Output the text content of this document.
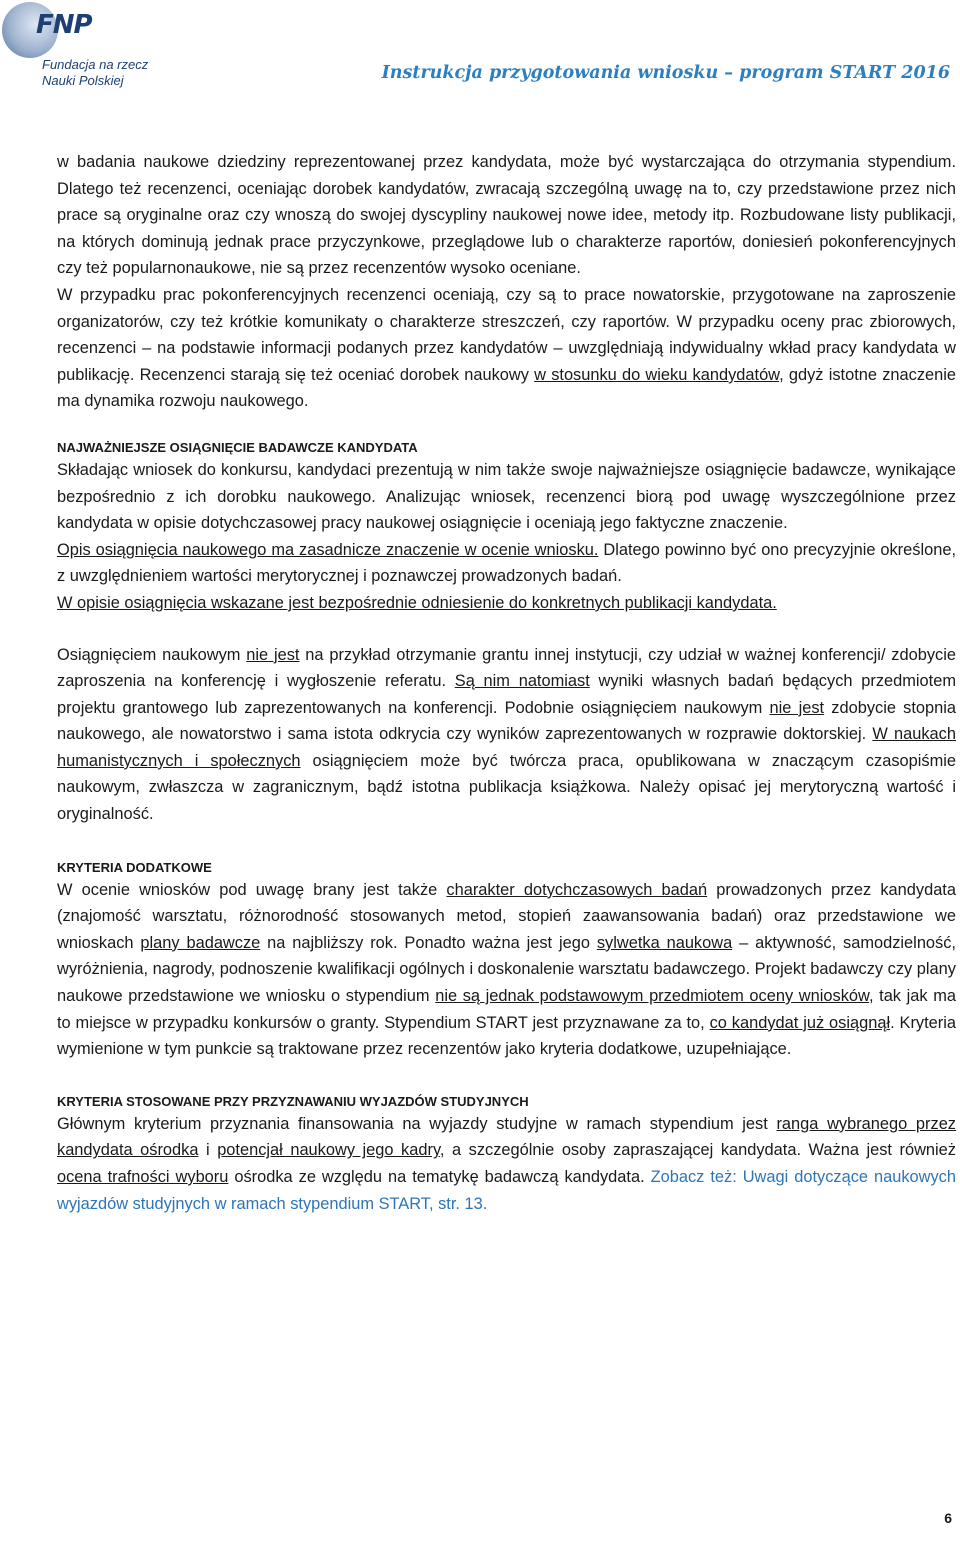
FNP
Fundacja na rzecz
Nauki Polskiej	Instrukcja przygotowania wniosku – program START 2016

w badania naukowe dziedziny reprezentowanej przez kandydata, może być wystarczająca do otrzymania stypendium. Dlatego też recenzenci, oceniając dorobek kandydatów, zwracają szczególną uwagę na to, czy przedstawione przez nich prace są oryginalne oraz czy wnoszą do swojej dyscypliny naukowej nowe idee, metody itp. Rozbudowane listy publikacji, na których dominują jednak prace przyczynkowe, przeglądowe lub o charakterze raportów, doniesień pokonferencyjnych czy też popularnonaukowe, nie są przez recenzentów wysoko oceniane.

W przypadku prac pokonferencyjnych recenzenci oceniają, czy są to prace nowatorskie, przygotowane na zaproszenie organizatorów, czy też krótkie komunikaty o charakterze streszczeń, czy raportów. W przypadku oceny prac zbiorowych, recenzenci – na podstawie informacji podanych przez kandydatów – uwzględniają indywidualny wkład pracy kandydata w publikację. Recenzenci starają się też oceniać dorobek naukowy w stosunku do wieku kandydatów, gdyż istotne znaczenie ma dynamika rozwoju naukowego.

NAJWAŻNIEJSZE OSIĄGNIĘCIE BADAWCZE KANDYDATA

Składając wniosek do konkursu, kandydaci prezentują w nim także swoje najważniejsze osiągnięcie badawcze, wynikające bezpośrednio z ich dorobku naukowego. Analizując wniosek, recenzenci biorą pod uwagę wyszczególnione przez kandydata w opisie dotychczasowej pracy naukowej osiągnięcie i oceniają jego faktyczne znaczenie.

Opis osiągnięcia naukowego ma zasadnicze znaczenie w ocenie wniosku. Dlatego powinno być ono precyzyjnie określone, z uwzględnieniem wartości merytorycznej i poznawczej prowadzonych badań.

W opisie osiągnięcia wskazane jest bezpośrednie odniesienie do konkretnych publikacji kandydata.

Osiągnięciem naukowym nie jest na przykład otrzymanie grantu innej instytucji, czy udział w ważnej konferencji/ zdobycie zaproszenia na konferencję i wygłoszenie referatu. Są nim natomiast wyniki własnych badań będących przedmiotem projektu grantowego lub zaprezentowanych na konferencji. Podobnie osiągnięciem naukowym nie jest zdobycie stopnia naukowego, ale nowatorstwo i sama istota odkrycia czy wyników zaprezentowanych w rozprawie doktorskiej. W naukach humanistycznych i społecznych osiągnięciem może być twórcza praca, opublikowana w znaczącym czasopiśmie naukowym, zwłaszcza w zagranicznym, bądź istotna publikacja książkowa. Należy opisać jej merytoryczną wartość i oryginalność.

KRYTERIA DODATKOWE

W ocenie wniosków pod uwagę brany jest także charakter dotychczasowych badań prowadzonych przez kandydata (znajomość warsztatu, różnorodność stosowanych metod, stopień zaawansowania badań) oraz przedstawione we wnioskach plany badawcze na najbliższy rok. Ponadto ważna jest jego sylwetka naukowa – aktywność, samodzielność, wyróżnienia, nagrody, podnoszenie kwalifikacji ogólnych i doskonalenie warsztatu badawczego. Projekt badawczy czy plany naukowe przedstawione we wniosku o stypendium nie są jednak podstawowym przedmiotem oceny wniosków, tak jak ma to miejsce w przypadku konkursów o granty. Stypendium START jest przyznawane za to, co kandydat już osiągnął. Kryteria wymienione w tym punkcie są traktowane przez recenzentów jako kryteria dodatkowe, uzupełniające.

KRYTERIA STOSOWANE PRZY PRZYZNAWANIU WYJAZDÓW STUDYJNYCH

Głównym kryterium przyznania finansowania na wyjazdy studyjne w ramach stypendium jest ranga wybranego przez kandydata ośrodka i potencjał naukowy jego kadry, a szczególnie osoby zapraszającej kandydata. Ważna jest również ocena trafności wyboru ośrodka ze względu na tematykę badawczą kandydata. Zobacz też: Uwagi dotyczące naukowych wyjazdów studyjnych w ramach stypendium START, str. 13.

6
